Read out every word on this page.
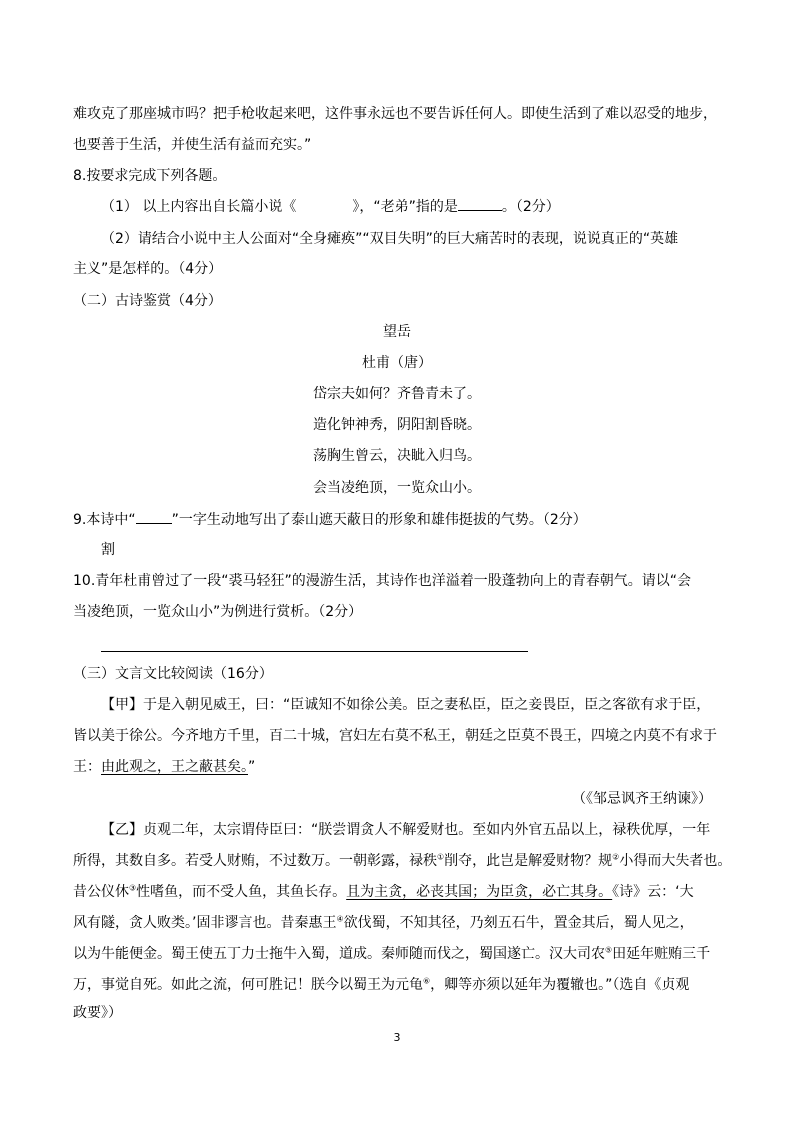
难攻克了那座城市吗？把手枪收起来吧，这件事永远也不要告诉任何人。即使生活到了难以忍受的地步，
也要善于生活，并使生活有益而充实。”
8.按要求完成下列各题。
（1） 以上内容出自长篇小说《	》，“老弟”指的是	。（2分）
（2）请结合小说中主人公面对“全身瘫痪”“双目失明”的巨大痛苦时的表现，说说真正的“英雄
主义”是怎样的。（4分）
（二）古诗鉴赏（4分）
望岳
杜甫（唐）
岱宗夫如何？齐鲁青未了。
造化钟神秀，阴阳割昏晓。
荡胸生曾云，决眦入归鸟。
会当凌绝顶，一览众山小。
9.本诗中“	”一字生动地写出了泰山遮天蔽日的形象和雄伟挺拔的气势。（2分）
割
10.青年杜甫曾过了一段“裘马轻狂”的漫游生活，其诗作也洋溢着一股蓬勃向上的青春朝气。请以“会
当凌绝顶，一览众山小”为例进行赏析。（2分）
（三）文言文比较阅读（16分）
【甲】于是入朝见威王，曰：“臣诚知不如徐公美。臣之妻私臣，臣之妾畏臣，臣之客欲有求于臣，
皆以美于徐公。今齐地方千里，百二十城，宫妇左右莫不私王，朝廷之臣莫不畏王，四境之内莫不有求于
王：由此观之，王之蔽甚矣。”
（《邹忌讽齐王纳谏》）
【乙】贞观二年，太宗谓侍臣曰：“朕尝谓贪人不解爱财也。至如内外官五品以上，禄秩优厚，一年
所得，其数自多。若受人财贿，不过数万。一朝彰露，禄秩①削夺，此岂是解爱财物？规②小得而大失者也。
昔公仪休③性嗜鱼，而不受人鱼，其鱼长存。且为主贪，必丧其国；为臣贪，必亡其身。《诗》云：‘大
风有隧，贪人败类。’固非谬言也。昔秦惠王④欲伐蜀，不知其径，乃刻五石牛，置金其后，蜀人见之，
以为牛能便金。蜀王使五丁力士拖牛入蜀，道成。秦师随而伐之，蜀国遂亡。汉大司农⑤田延年赃贿三千
万，事觉自死。如此之流，何可胜记！朕今以蜀王为元龟⑥，卿等亦须以延年为覆辙也。”（选自《贞观
政要》）
3
